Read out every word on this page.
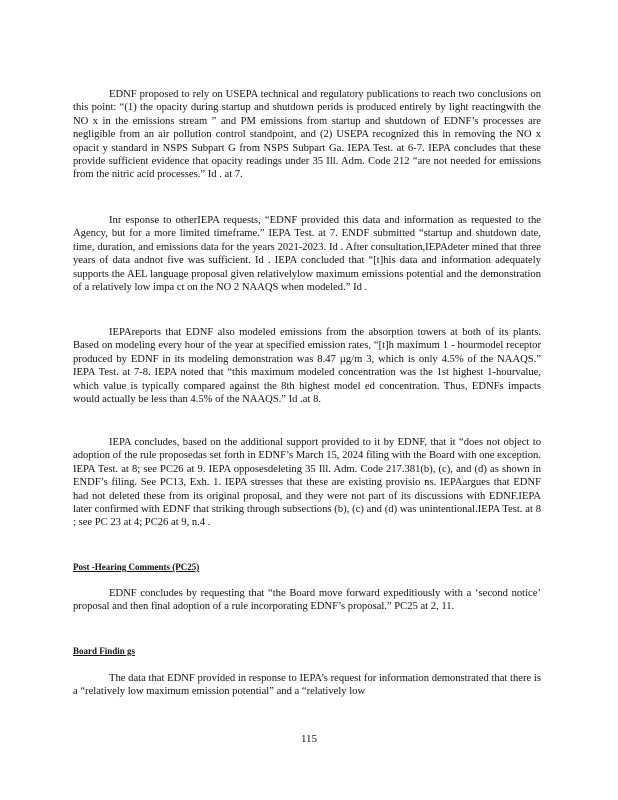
EDNF proposed to rely on USEPA technical and regulatory publications to reach two conclusions on this point: “(1) the opacity during startup and shutdown perids is produced entirely by light reactingwith the NO x in the emissions stream ” and PM emissions from startup and shutdown of EDNF’s processes are negligible from an air pollution control standpoint, and (2) USEPA recognized this in removing the NO x opacit y standard in NSPS Subpart G from NSPS Subpart Ga. IEPA Test. at 6-7. IEPA concludes that these provide sufficient evidence that opacity readings under 35 Ill. Adm. Code 212 “are not needed for emissions from the nitric acid processes.” Id . at 7.

Inr esponse to otherIEPA requests, “EDNF provided this data and information as requested to the Agency, but for a more limited timeframe.” IEPA Test. at 7. ENDF submitted “startup and shutdown date, time, duration, and emissions data for the years 2021-2023. Id . After consultation,IEPAdeter mined that three years of data andnot five was sufficient. Id . IEPA concluded that “[t]his data and information adequately supports the AEL language proposal given relativelylow maximum emissions potential and the demonstration of a relatively low impa ct on the NO 2 NAAQS when modeled.” Id .

IEPAreports that EDNF also modeled emissions from the absorption towers at both of its plants. Based on modeling every hour of the year at specified emission rates, “[t]h maximum 1 - hourmodel receptor produced by EDNF in its modeling demonstration was 8.47 µg/m 3, which is only 4.5% of the NAAQS.” IEPA Test. at 7-8. IEPA noted that “this maximum modeled concentration was the 1st highest 1-hourvalue, which value is typically compared against the 8th highest model ed concentration. Thus, EDNFs impacts would actually be less than 4.5% of the NAAQS.” Id .at 8.

IEPA concludes, based on the additional support provided to it by EDNF, that it “does not object to adoption of the rule proposedas set forth in EDNF’s March 15, 2024 filing with the Board with one exception. IEPA Test. at 8; see PC26 at 9. IEPA opposesdeleting 35 Ill. Adm. Code 217.381(b), (c), and (d) as shown in ENDF’s filing. See PC13, Exh. 1. IEPA stresses that these are existing provisio ns. IEPAargues that EDNF had not deleted these from its original proposal, and they were not part of its discussions with EDNF.IEPA later confirmed with EDNF that striking through subsections (b), (c) and (d) was unintentional.IEPA Test. at 8 ; see PC 23 at 4; PC26 at 9, n.4 .

Post -Hearing Comments (PC25)

EDNF concludes by requesting that “the Board move forward expeditiously with a ‘second notice’ proposal and then final adoption of a rule incorporating EDNF’s proposal.” PC25 at 2, 11.

Board Findin gs

The data that EDNF provided in response to IEPA’s request for information demonstrated that there is a “relatively low maximum emission potential” and a “relatively low

115
